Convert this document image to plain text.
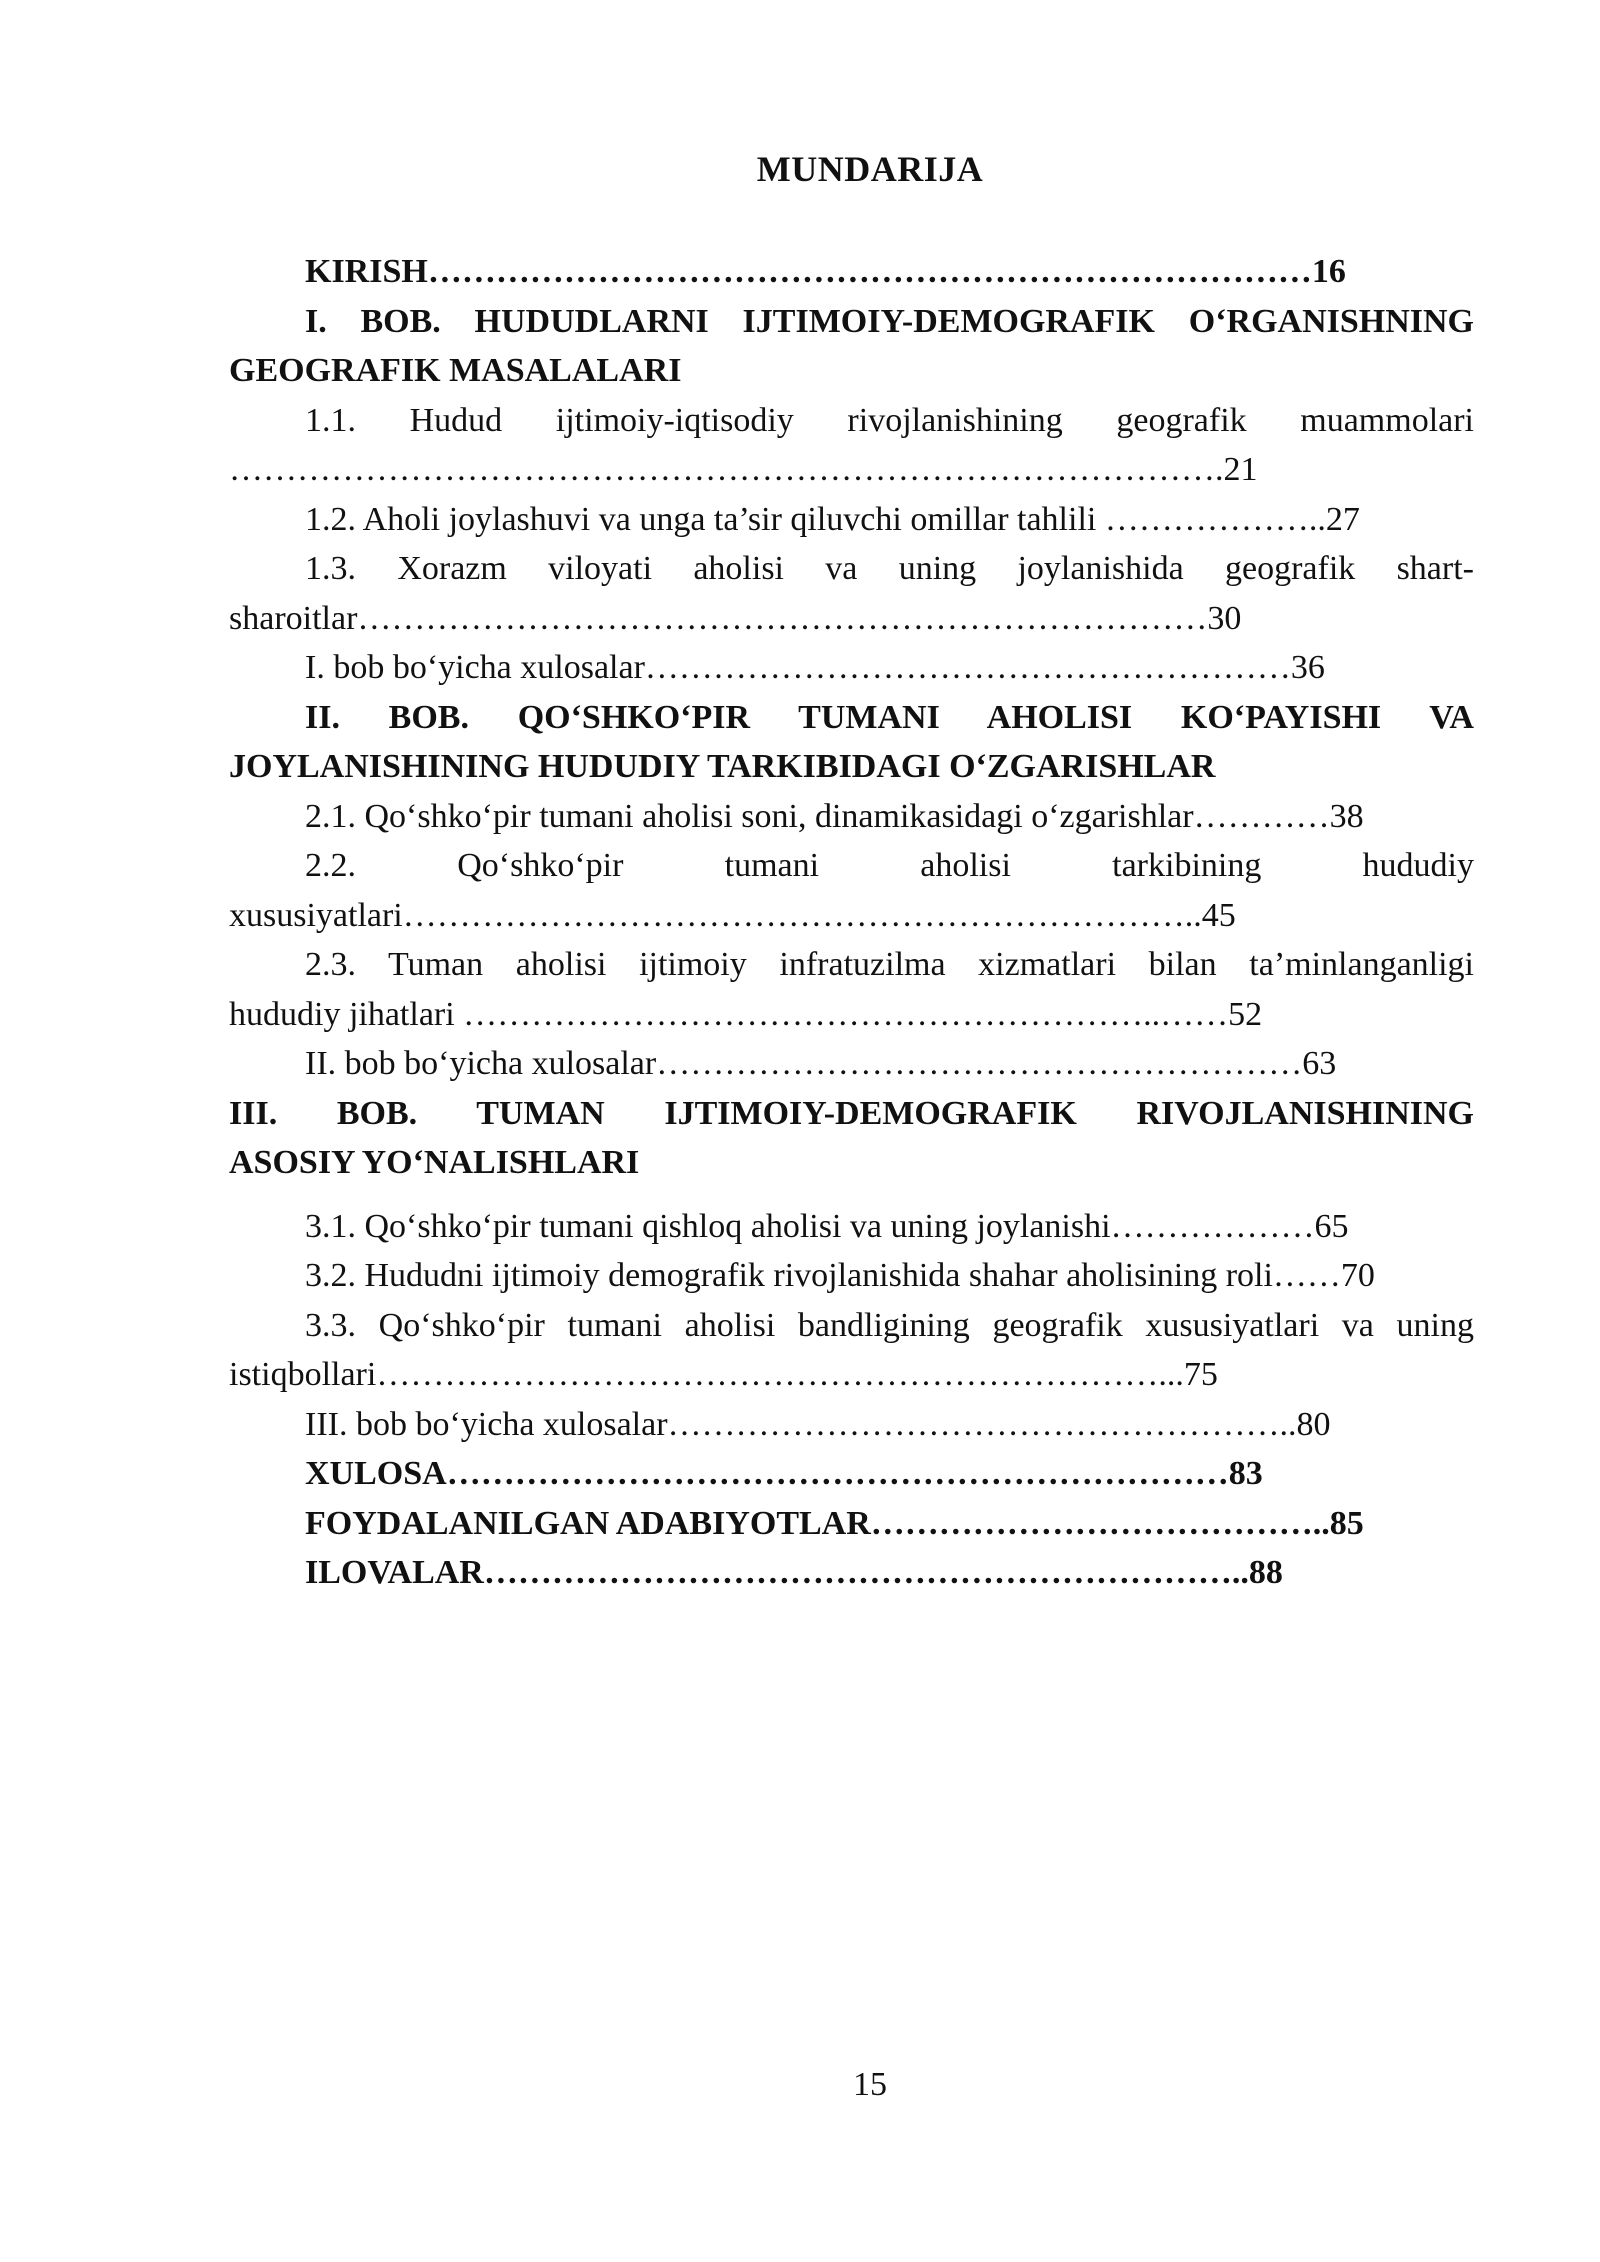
MUNDARIJA
KIRISH……………………………………………………………………16
I. BOB. HUDUDLARNI IJTIMOIY-DEMOGRAFIK O‘RGANISHNING
GEOGRAFIK MASALALARI
1.1. Hudud ijtimoiy-iqtisodiy rivojlanishining geografik muammolari
…………………………………………………………………………….21
1.2. Aholi joylashuvi va unga ta’sir qiluvchi omillar tahlili ………………..27
1.3. Xorazm viloyati aholisi va uning joylanishida geografik shart-
sharoitlar…………………………………………………………………30
I. bob bo‘yicha xulosalar…………………………………………………36
II. BOB. QO‘SHKO‘PIR TUMANI AHOLISI KO‘PAYISHI VA
JOYLANISHINING HUDUDIY TARKIBIDAGI O‘ZGARISHLAR
2.1. Qo‘shko‘pir tumani aholisi soni, dinamikasidagi o‘zgarishlar…………38
2.2. Qo‘shko‘pir tumani aholisi tarkibining hududiy
xususiyatlari……………………………………………………………..45
2.3. Tuman aholisi ijtimoiy infratuzilma xizmatlari bilan ta’minlanganligi
hududiy jihatlari ……………………………………………………..……52
II. bob bo‘yicha xulosalar…………………………………………………63
III. BOB. TUMAN IJTIMOIY-DEMOGRAFIK RIVOJLANISHINING
ASOSIY YO‘NALISHLARI
3.1. Qo‘shko‘pir tumani qishloq aholisi va uning joylanishi………………65
3.2. Hududni ijtimoiy demografik rivojlanishida shahar aholisining roli……70
3.3. Qo‘shko‘pir tumani aholisi bandligining geografik xususiyatlari va uning
istiqbollari……………………………………………………………...75
III. bob bo‘yicha xulosalar………………………………………………..80
XULOSA……………………………………………………………83
FOYDALANILGAN ADABIYOTLAR…………………………………..85
ILOVALAR…………………………………………………………..88
15
